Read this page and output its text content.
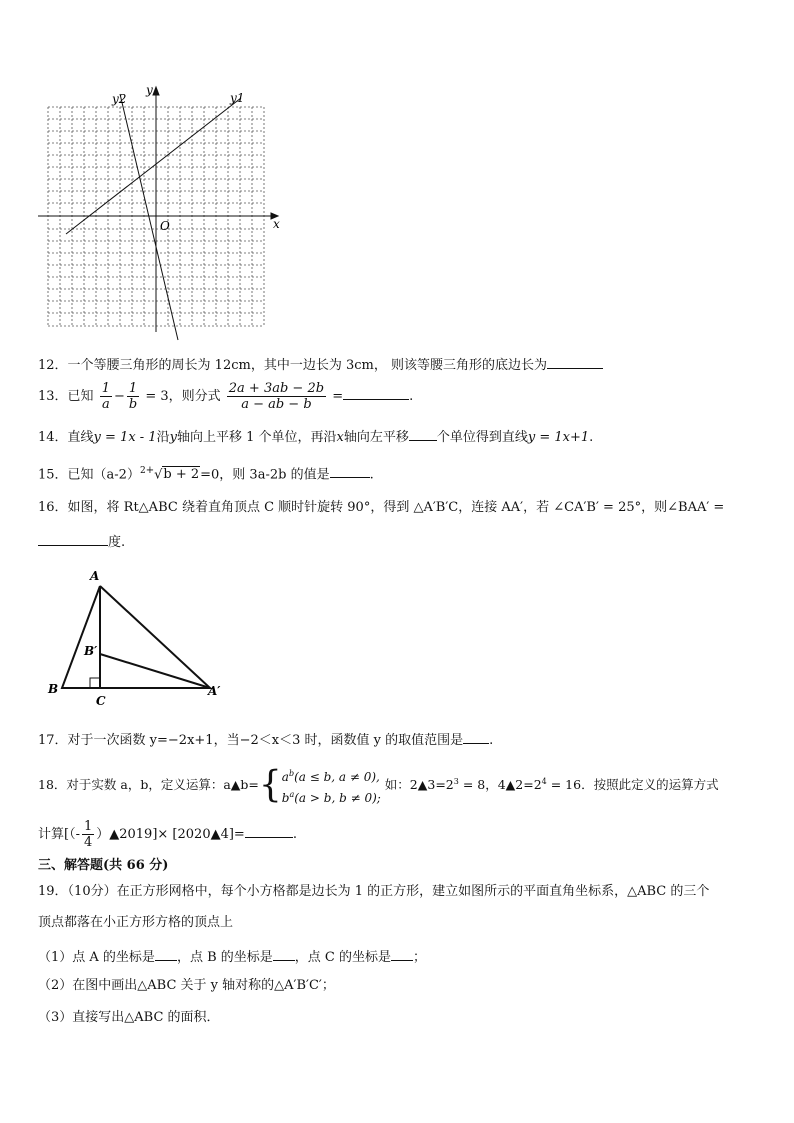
y
x
O
y1
y2
12．一个等腰三角形的周长为 12cm，其中一边长为 3cm， 则该等腰三角形的底边长为
13．已知 $\frac{1}{a} - \frac{1}{b} = 3$，则分式 $\frac{2a + 3ab - 2b}{a - ab - b}$ =	.
14．直线y = 1x - 1沿y轴向上平移 1 个单位，再沿x轴向左平移 个单位得到直线y = 1x+1.
15．已知$(a-2)^{2+}√b + 2=0$，则 3a-2b 的值是	.
16．如图，将 Rt△ABC 绕着直角顶点 C 顺时针旋转 90°，得到 △A′B′C，连接 AA′，若 ∠CA′B′ = 25°，则∠BAA′ =
度.
A
B
B′
C
A′
17．对于一次函数 y=−2x+1，当−2＜x＜3 时，函数值 y 的取值范围是 .
18．对于实数 a，b，定义运算：a▲b={ $a^b(a \le b$, a ≠ 0),
$b^a(a > b$, b ≠ 0);
如：$2▲3=2^3 = 8$，$4▲2=2^4 = 16$．按照此定义的运算方式
计算[（- $\frac{1}{4}$ ）▲2019]× [2020▲4]=	.
三、解答题(共 66 分)
19．（10分）在正方形网格中，每个小方格都是边长为 1 的正方形，建立如图所示的平面直角坐标系，△ABC 的三个
顶点都落在小正方形方格的顶点上
（1）点 A 的坐标是 ，点 B 的坐标是 ，点 C 的坐标是 ；
（2）在图中画出△ABC 关于 y 轴对称的△A′B′C′；
（3）直接写出△ABC 的面积．
